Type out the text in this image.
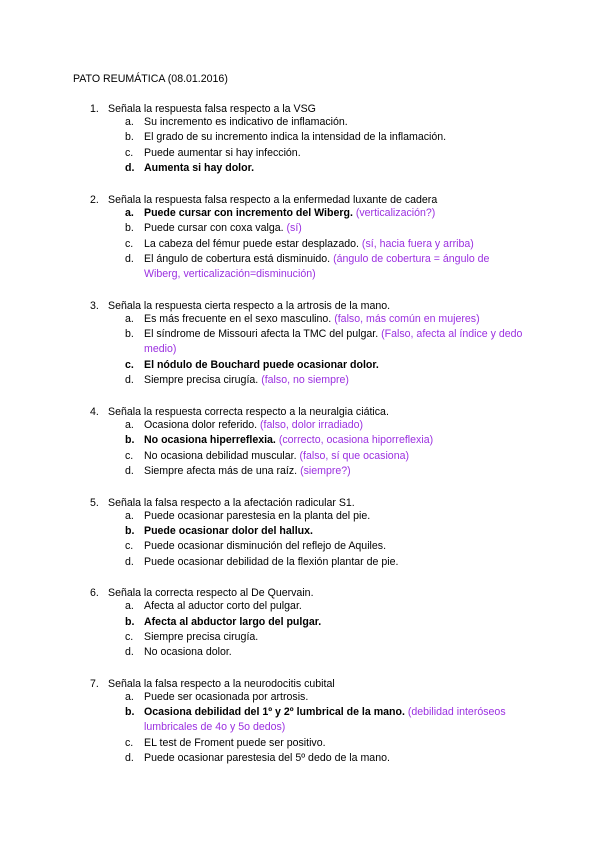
PATO REUMÁTICA (08.01.2016)
1. Señala la respuesta falsa respecto a la VSG
a. Su incremento es indicativo de inflamación.
b. El grado de su incremento indica la intensidad de la inflamación.
c. Puede aumentar si hay infección.
d. Aumenta si hay dolor.
2. Señala la respuesta falsa respecto a la enfermedad luxante de cadera
a. Puede cursar con incremento del Wiberg. (verticalización?)
b. Puede cursar con coxa valga. (sí)
c. La cabeza del fémur puede estar desplazado. (sí, hacia fuera y arriba)
d. El ángulo de cobertura está disminuido. (ángulo de cobertura = ángulo de Wiberg, verticalización=disminución)
3. Señala la respuesta cierta respecto a la artrosis de la mano.
a. Es más frecuente en el sexo masculino. (falso, más común en mujeres)
b. El síndrome de Missouri afecta la TMC del pulgar. (Falso, afecta al índice y dedo medio)
c. El nódulo de Bouchard puede ocasionar dolor.
d. Siempre precisa cirugía. (falso, no siempre)
4. Señala la respuesta correcta respecto a la neuralgia ciática.
a. Ocasiona dolor referido. (falso, dolor irradiado)
b. No ocasiona hiperreflexia. (correcto, ocasiona hiporreflexia)
c. No ocasiona debilidad muscular. (falso, sí que ocasiona)
d. Siempre afecta más de una raíz. (siempre?)
5. Señala la falsa respecto a la afectación radicular S1.
a. Puede ocasionar parestesia en la planta del pie.
b. Puede ocasionar dolor del hallux.
c. Puede ocasionar disminución del reflejo de Aquiles.
d. Puede ocasionar debilidad de la flexión plantar de pie.
6. Señala la correcta respecto al De Quervain.
a. Afecta al aductor corto del pulgar.
b. Afecta al abductor largo del pulgar.
c. Siempre precisa cirugía.
d. No ocasiona dolor.
7. Señala la falsa respecto a la neurodocitis cubital
a. Puede ser ocasionada por artrosis.
b. Ocasiona debilidad del 1º y 2º lumbrical de la mano. (debilidad interóseos lumbricales de 4o y 5o dedos)
c. EL test de Froment puede ser positivo.
d. Puede ocasionar parestesia del 5º dedo de la mano.
